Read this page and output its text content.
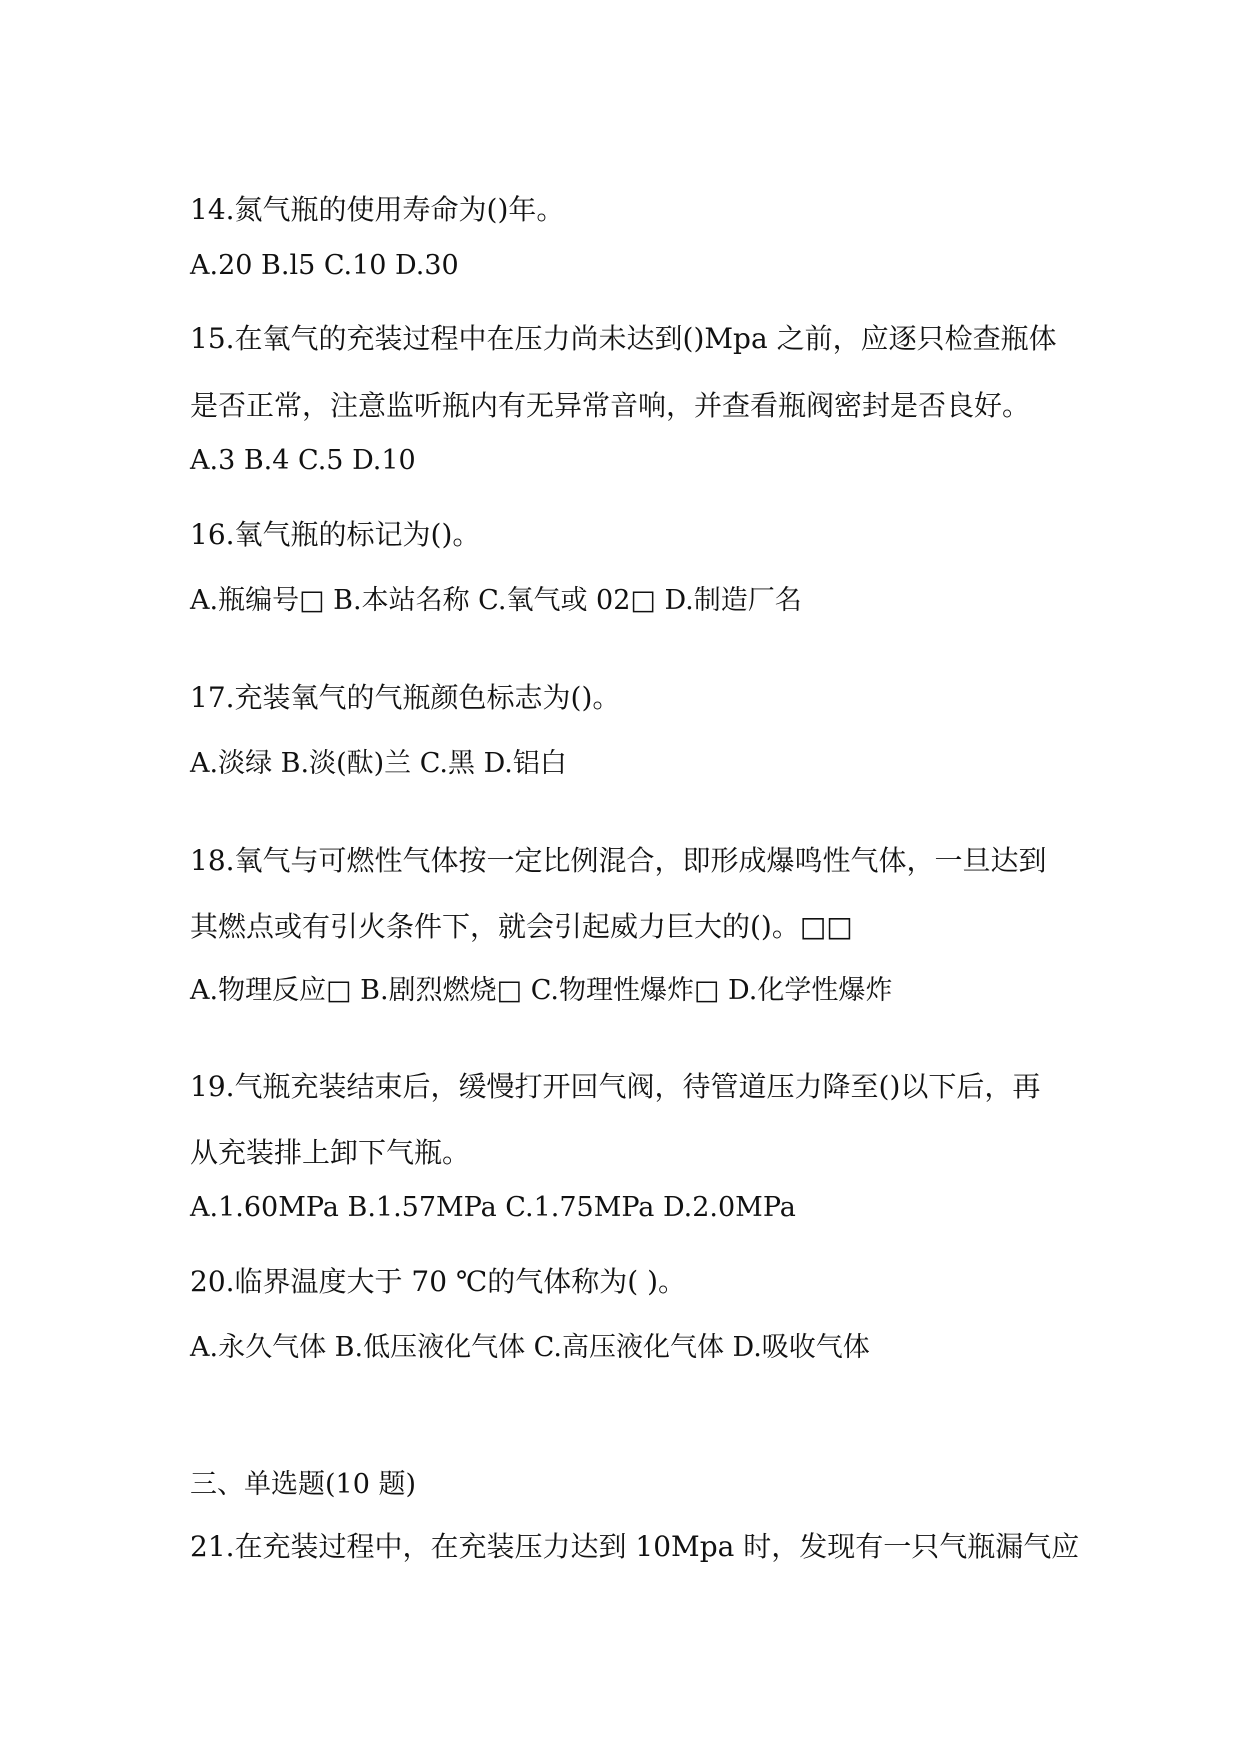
14.氮气瓶的使用寿命为()年。
A.20 B.l5 C.10 D.30
15.在氧气的充装过程中在压力尚未达到()Mpa 之前，应逐只检查瓶体
是否正常，注意监听瓶内有无异常音响，并查看瓶阀密封是否良好。
A.3 B.4 C.5 D.10
16.氧气瓶的标记为()。
A.瓶编号□ B.本站名称 C.氧气或 02□ D.制造厂名
17.充装氧气的气瓶颜色标志为()。
A.淡绿 B.淡(酞)兰 C.黑 D.铝白
18.氧气与可燃性气体按一定比例混合，即形成爆鸣性气体，一旦达到
其燃点或有引火条件下，就会引起威力巨大的()。□□
A.物理反应□ B.剧烈燃烧□ C.物理性爆炸□ D.化学性爆炸
19.气瓶充装结束后，缓慢打开回气阀，待管道压力降至()以下后，再
从充装排上卸下气瓶。
A.1.60MPa B.1.57MPa C.1.75MPa D.2.0MPa
20.临界温度大于 70 ℃的气体称为( )。
A.永久气体 B.低压液化气体 C.高压液化气体 D.吸收气体
三、单选题(10 题)
21.在充装过程中，在充装压力达到 10Mpa 时，发现有一只气瓶漏气应
